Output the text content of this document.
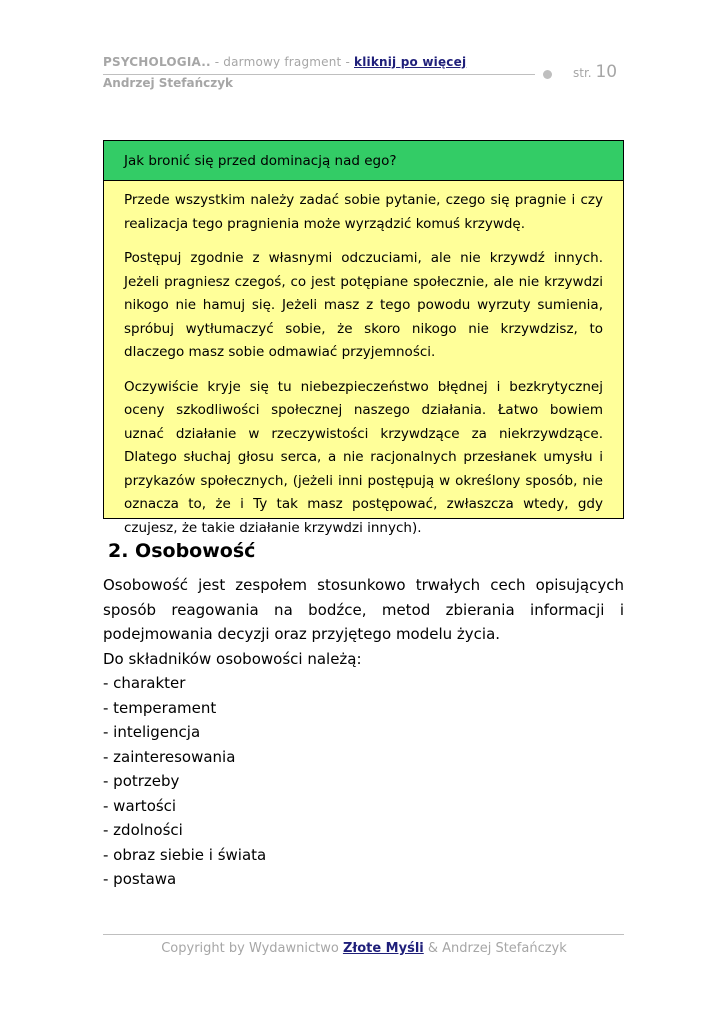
PSYCHOLOGIA.. - darmowy fragment - kliknij po więcej
str. 10
Andrzej Stefańczyk
Jak bronić się przed dominacją nad ego?

Przede wszystkim należy zadać sobie pytanie, czego się pragnie i czy realizacja tego pragnienia może wyrządzić komuś krzywdę.

Postępuj zgodnie z własnymi odczuciami, ale nie krzywdź innych. Jeżeli pragniesz czegoś, co jest potępiane społecznie, ale nie krzywdzi nikogo nie hamuj się. Jeżeli masz z tego powodu wyrzuty sumienia, spróbuj wytłumaczyć sobie, że skoro nikogo nie krzywdzisz, to dlaczego masz sobie odmawiać przyjemności.

Oczywiście kryje się tu niebezpieczeństwo błędnej i bezkrytycznej oceny szkodliwości społecznej naszego działania. Łatwo bowiem uznać działanie w rzeczywistości krzywdzące za niekrzywdzące. Dlatego słuchaj głosu serca, a nie racjonalnych przesłanek umysłu i przykazów społecznych, (jeżeli inni postępują w określony sposób, nie oznacza to, że i Ty tak masz postępować, zwłaszcza wtedy, gdy czujesz, że takie działanie krzywdzi innych).

2. Osobowość

Osobowość jest zespołem stosunkowo trwałych cech opisujących sposób reagowania na bodźce, metod zbierania informacji i podejmowania decyzji oraz przyjętego modelu życia.

Do składników osobowości należą:

- charakter

- temperament

- inteligencja

- zainteresowania

- potrzeby

- wartości

- zdolności

- obraz siebie i świata

- postawa

Copyright by Wydawnictwo Złote Myśli & Andrzej Stefańczyk
